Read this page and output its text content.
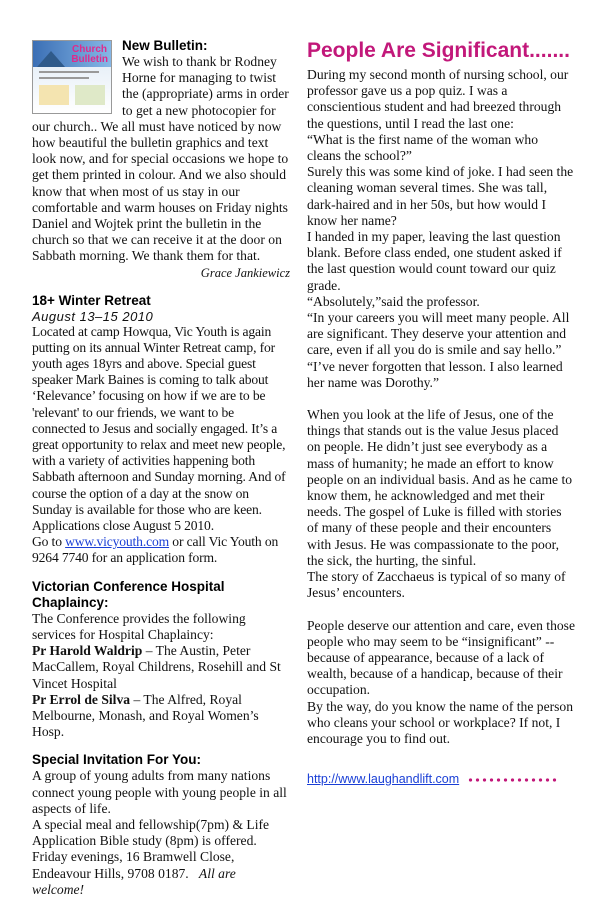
Church
Bulletin
New Bulletin:

We wish to thank br Rodney Horne for managing to twist the (appropriate) arms in order to get a new photocopier for our church.. We all must have noticed by now how beautiful the bulletin graphics and text look now, and for special occasions we hope to get them printed in colour. And we also should know that when most of us stay in our comfortable and warm houses on Friday nights Daniel and Wojtek print the bulletin in the church so that we can receive it at the door on Sabbath morning. We thank them for that.

Grace Jankiewicz

18+ Winter Retreat

August 13–15 2010

Located at camp Howqua, Vic Youth is again putting on its annual Winter Retreat camp, for youth ages 18yrs and above. Special guest speaker Mark Baines is coming to talk about ‘Relevance’ focusing on how if we are to be 'relevant' to our friends, we want to be connected to Jesus and socially engaged. It’s a great opportunity to relax and meet new people, with a variety of activities happening both Sabbath afternoon and Sunday morning. And of course the option of a day at the snow on Sunday is available for those who are keen. Applications close August 5 2010.

Go to www.vicyouth.com or call Vic Youth on 9264 7740 for an application form.

Victorian Conference Hospital Chaplaincy:

The Conference provides the following services for Hospital Chaplaincy:

Pr Harold Waldrip – The Austin, Peter MacCallem, Royal Childrens, Rosehill and St Vincet Hospital

Pr Errol de Silva – The Alfred, Royal Melbourne, Monash, and Royal Women’s Hosp.

Special Invitation For You:

A group of young adults from many nations connect young people with young people in all aspects of life.

A special meal and fellowship(7pm) & Life Application Bible study (8pm) is offered.

Friday evenings, 16 Bramwell Close, Endeavour Hills, 9708 0187. All are welcome!

People Are Significant.......

During my second month of nursing school, our professor gave us a pop quiz. I was a conscientious student and had breezed through the questions, until I read the last one:

“What is the first name of the woman who cleans the school?”

Surely this was some kind of joke. I had seen the cleaning woman several times. She was tall, dark-haired and in her 50s, but how would I know her name?

I handed in my paper, leaving the last question blank. Before class ended, one student asked if the last question would count toward our quiz grade.

“Absolutely,”said the professor.

“In your careers you will meet many people. All are significant. They deserve your attention and care, even if all you do is smile and say hello.”

“I’ve never forgotten that lesson. I also learned her name was Dorothy.”

When you look at the life of Jesus, one of the things that stands out is the value Jesus placed on people. He didn’t just see everybody as a mass of humanity; he made an effort to know people on an individual basis. And as he came to know them, he acknowledged and met their needs. The gospel of Luke is filled with stories of many of these people and their encounters with Jesus. He was compassionate to the poor, the sick, the hurting, the sinful.

The story of Zacchaeus is typical of so many of Jesus’ encounters.

People deserve our attention and care, even those people who may seem to be “insignificant” -- because of appearance, because of a lack of wealth, because of a handicap, because of their occupation.

By the way, do you know the name of the person who cleans your school or workplace? If not, I encourage you to find out.

http://www.laughandlift.com
